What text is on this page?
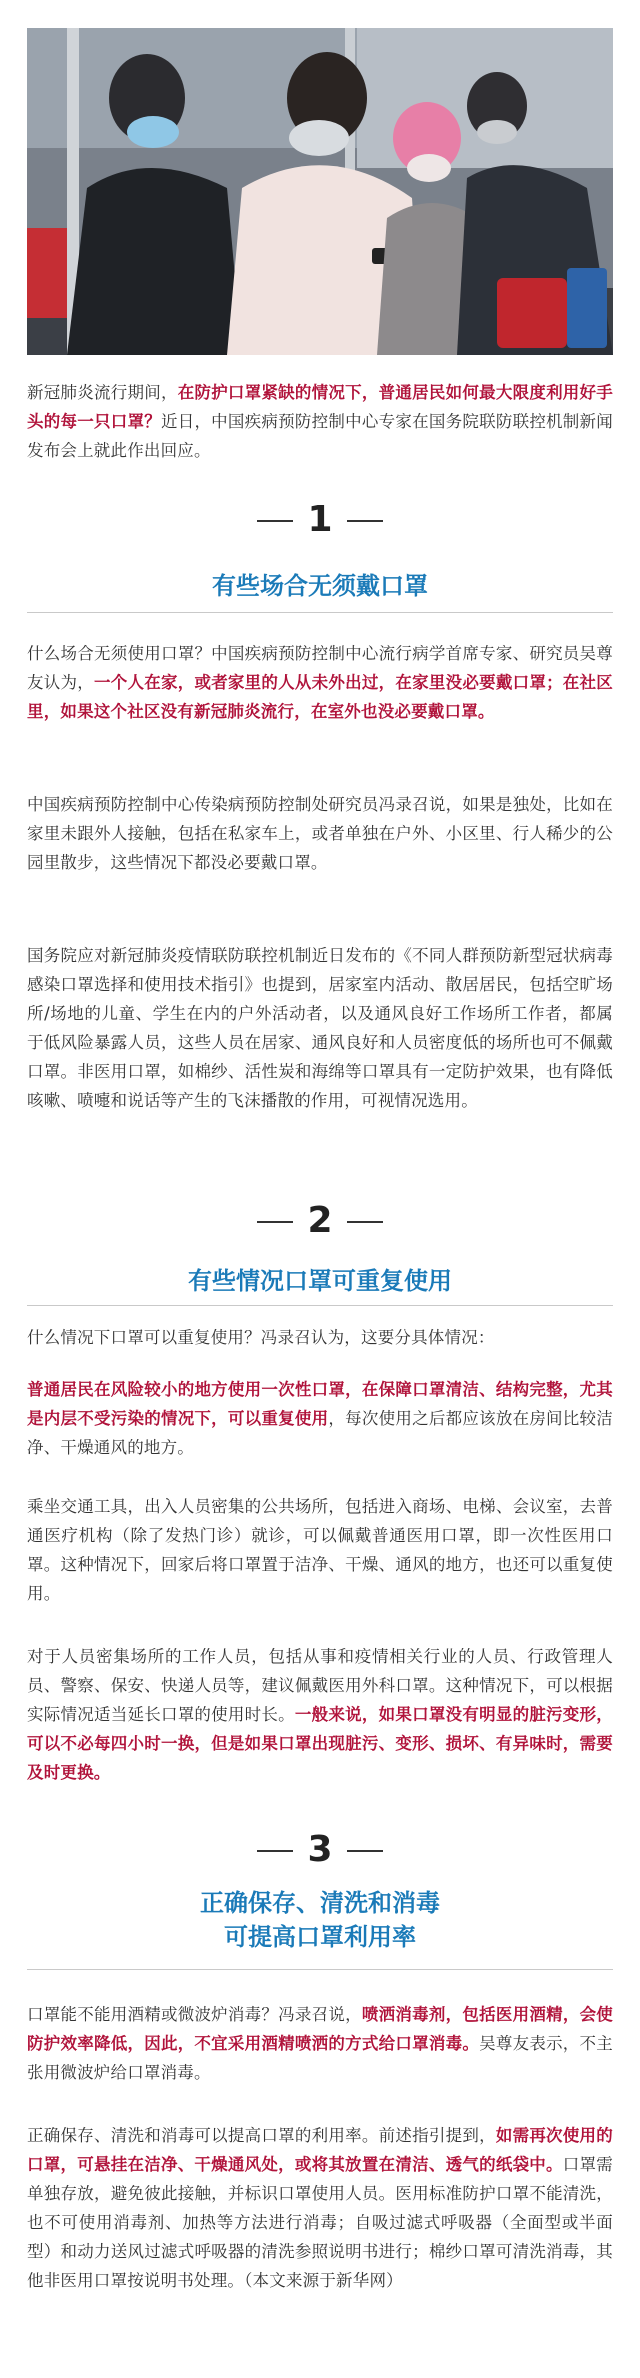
新冠肺炎流行期间，在防护口罩紧缺的情况下，普通居民如何最大限度利用好手头的每一只口罩？近日，中国疾病预防控制中心专家在国务院联防联控机制新闻发布会上就此作出回应。

1
有些场合无须戴口罩

什么场合无须使用口罩？中国疾病预防控制中心流行病学首席专家、研究员吴尊友认为，一个人在家，或者家里的人从未外出过，在家里没必要戴口罩；在社区里，如果这个社区没有新冠肺炎流行，在室外也没必要戴口罩。

中国疾病预防控制中心传染病预防控制处研究员冯录召说，如果是独处，比如在家里未跟外人接触，包括在私家车上，或者单独在户外、小区里、行人稀少的公园里散步，这些情况下都没必要戴口罩。

国务院应对新冠肺炎疫情联防联控机制近日发布的《不同人群预防新型冠状病毒感染口罩选择和使用技术指引》也提到，居家室内活动、散居居民，包括空旷场所/场地的儿童、学生在内的户外活动者，以及通风良好工作场所工作者，都属于低风险暴露人员，这些人员在居家、通风良好和人员密度低的场所也可不佩戴口罩。非医用口罩，如棉纱、活性炭和海绵等口罩具有一定防护效果，也有降低咳嗽、喷嚏和说话等产生的飞沫播散的作用，可视情况选用。

2
有些情况口罩可重复使用

什么情况下口罩可以重复使用？冯录召认为，这要分具体情况：

普通居民在风险较小的地方使用一次性口罩，在保障口罩清洁、结构完整，尤其是内层不受污染的情况下，可以重复使用，每次使用之后都应该放在房间比较洁净、干燥通风的地方。

乘坐交通工具，出入人员密集的公共场所，包括进入商场、电梯、会议室，去普通医疗机构（除了发热门诊）就诊，可以佩戴普通医用口罩，即一次性医用口罩。这种情况下，回家后将口罩置于洁净、干燥、通风的地方，也还可以重复使用。

对于人员密集场所的工作人员，包括从事和疫情相关行业的人员、行政管理人员、警察、保安、快递人员等，建议佩戴医用外科口罩。这种情况下，可以根据实际情况适当延长口罩的使用时长。一般来说，如果口罩没有明显的脏污变形，可以不必每四小时一换，但是如果口罩出现脏污、变形、损坏、有异味时，需要及时更换。

3
正确保存、清洗和消毒
可提高口罩利用率

口罩能不能用酒精或微波炉消毒？冯录召说，喷洒消毒剂，包括医用酒精，会使防护效率降低，因此，不宜采用酒精喷洒的方式给口罩消毒。吴尊友表示，不主张用微波炉给口罩消毒。

正确保存、清洗和消毒可以提高口罩的利用率。前述指引提到，如需再次使用的口罩，可悬挂在洁净、干燥通风处，或将其放置在清洁、透气的纸袋中。口罩需单独存放，避免彼此接触，并标识口罩使用人员。医用标准防护口罩不能清洗，也不可使用消毒剂、加热等方法进行消毒；自吸过滤式呼吸器（全面型或半面型）和动力送风过滤式呼吸器的清洗参照说明书进行；棉纱口罩可清洗消毒，其他非医用口罩按说明书处理。（本文来源于新华网）
